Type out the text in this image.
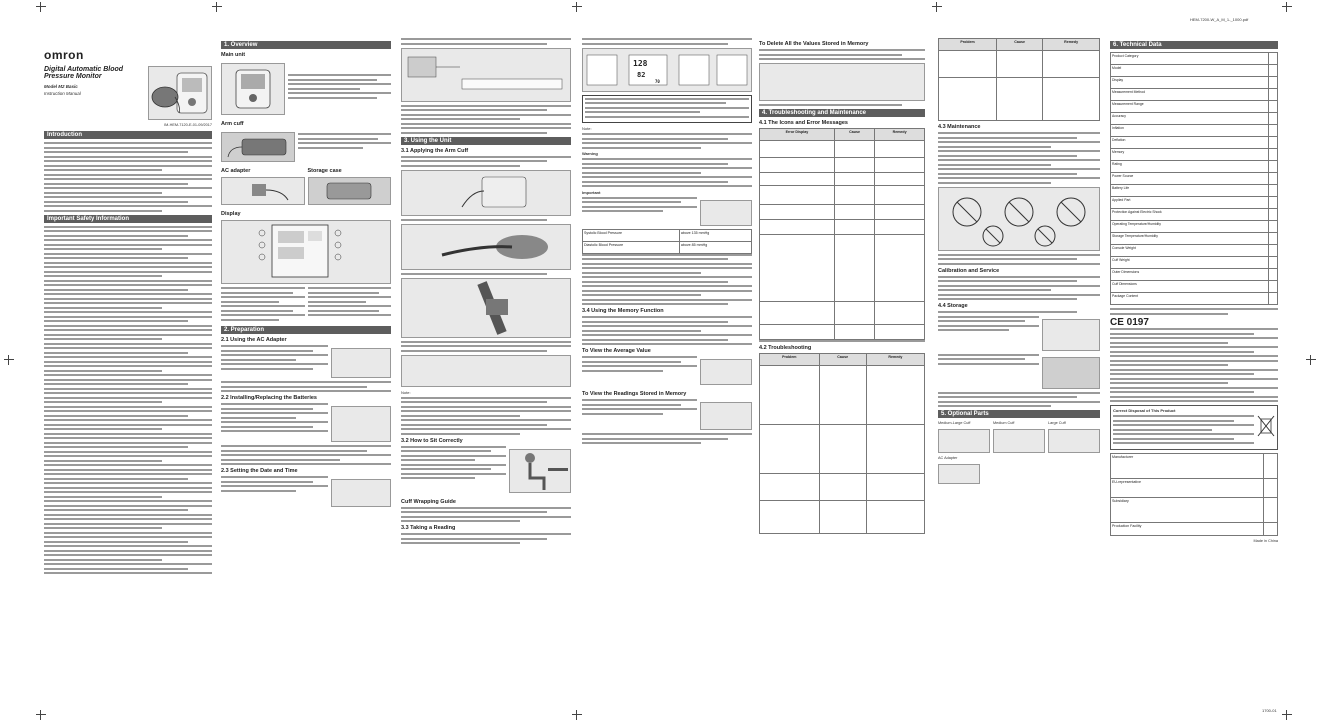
HEM-7200-W_A_M_1-_1000.pdf
1700-01
omron
Digital Automatic Blood Pressure Monitor
Model M2 Basic
Instruction Manual
IM-HEM-7120-E-01-09/2017
Introduction
Important Safety Information
1. Overview
Main unit
Arm cuff
AC adapter	Storage case
Display
2. Preparation
2.1 Using the AC Adapter
2.2 Installing/Replacing the Batteries
2.3 Setting the Date and Time
3. Using the Unit
3.1 Applying the Arm Cuff
Note:
3.2 How to Sit Correctly
Cuff Wrapping Guide
3.3 Taking a Reading
128
82
70
Note:
Warning
Important
Systolic Blood Pressure	above 135 mmHg
Diastolic Blood Pressure	above 85 mmHg
3.4 Using the Memory Function
To View the Average Value
To View the Readings Stored in Memory
To Delete All the Values Stored in Memory
4. Troubleshooting and Maintenance
4.1 The Icons and Error Messages
Error Display	Cause	Remedy

4.2 Troubleshooting
Problem	Cause	Remedy

Problem	Cause	Remedy

4.3 Maintenance
Calibration and Service
4.4 Storage
5. Optional Parts
Medium-Large Cuff	Medium Cuff	Large Cuff
AC Adapter
6. Technical Data
Product Category	
Model	
Display	
Measurement Method	
Measurement Range	
Accuracy	
Inflation	
Deflation	
Memory	
Rating	
Power Source	
Battery Life	
Applied Part	
Protection Against Electric Shock	
Operating Temperature/Humidity	
Storage Temperature/Humidity	
Console Weight	
Cuff Weight	
Outer Dimensions	
Cuff Dimensions	
Package Content	
CE 0197
Correct Disposal of This Product
Manufacturer	
EU-representative	
Subsidiary	
Production Facility	
Made in China
